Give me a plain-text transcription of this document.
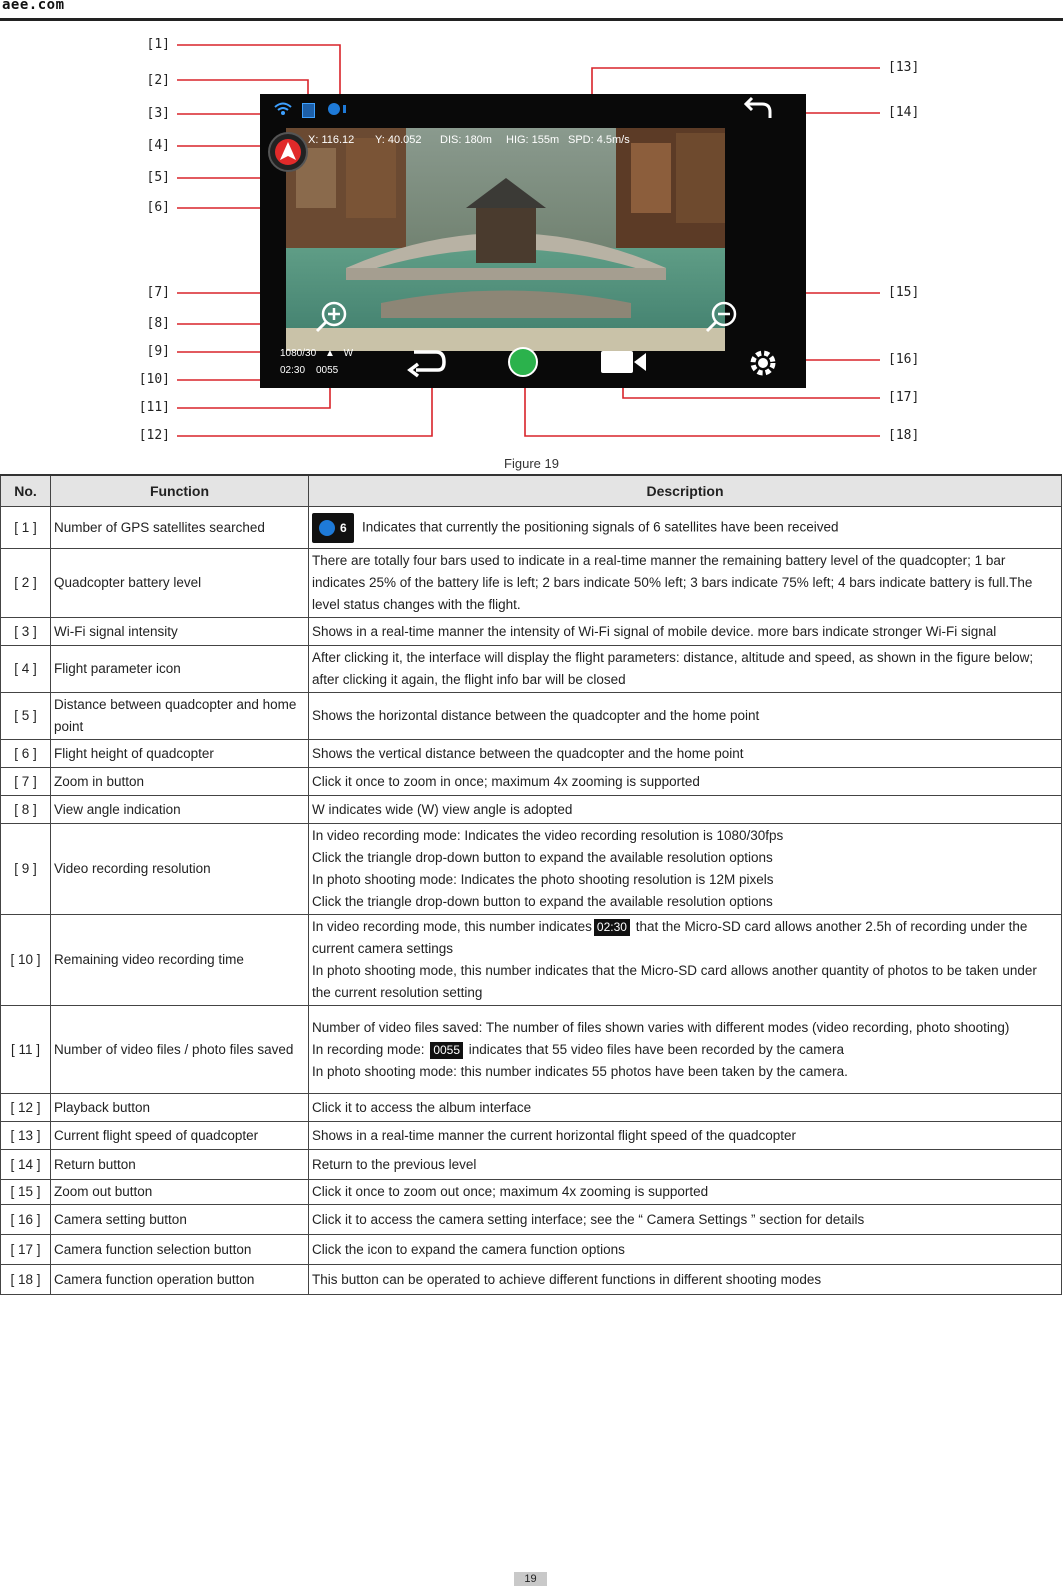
aee.com
[1]
[2]
[3]
[4]
[5]
[6]
[7]
[8]
[9]
[10]
[11]
[12]
[13]
[14]
[15]
[16]
[17]
[18]
X: 116.12 Y: 40.052 DIS: 180m HIG: 155m SPD: 4.5m/s
1080/30 ▲ W
02:30 0055
Figure 19
No.	Function	Description
[ 1 ]	Number of GPS satellites searched	6 Indicates that currently the positioning signals of 6 satellites have been received
[ 2 ]	Quadcopter battery level	There are totally four bars used to indicate in a real-time manner the remaining battery level of the quadcopter; 1 bar indicates 25% of the battery life is left; 2 bars indicate 50% left; 3 bars indicate 75% left; 4 bars indicate battery is full.The level status changes with the flight.
[ 3 ]	Wi-Fi signal intensity	Shows in a real-time manner the intensity of Wi-Fi signal of mobile device. more bars indicate stronger Wi-Fi signal
[ 4 ]	Flight parameter icon	After clicking it, the interface will display the flight parameters: distance, altitude and speed, as shown in the figure below; after clicking it again, the flight info bar will be closed
[ 5 ]	Distance between quadcopter and home point	Shows the horizontal distance between the quadcopter and the home point
[ 6 ]	Flight height of quadcopter	Shows the vertical distance between the quadcopter and the home point
[ 7 ]	Zoom in button	Click it once to zoom in once; maximum 4x zooming is supported
[ 8 ]	View angle indication	W indicates wide (W) view angle is adopted
[ 9 ]	Video recording resolution	In video recording mode: Indicates the video recording resolution is 1080/30fps

Click the triangle drop-down button to expand the available resolution options

In photo shooting mode: Indicates the photo shooting resolution is 12M pixels

Click the triangle drop-down button to expand the available resolution options

[ 10 ]	Remaining video recording time	In video recording mode, this number indicates 02:30 that the Micro-SD card allows another 2.5h of recording under the current camera settings

In photo shooting mode, this number indicates that the Micro-SD card allows another quantity of photos to be taken under the current resolution setting

[ 11 ]	Number of video files / photo files saved	Number of video files saved: The number of files shown varies with different modes (video recording, photo shooting)

In recording mode: 0055 indicates that 55 video files have been recorded by the camera

In photo shooting mode: this number indicates 55 photos have been taken by the camera.

[ 12 ]	Playback button	Click it to access the album interface
[ 13 ]	Current flight speed of quadcopter	Shows in a real-time manner the current horizontal flight speed of the quadcopter
[ 14 ]	Return button	Return to the previous level
[ 15 ]	Zoom out button	Click it once to zoom out once; maximum 4x zooming is supported
[ 16 ]	Camera setting button	Click it to access the camera setting interface; see the “ Camera Settings ” section for details
[ 17 ]	Camera function selection button	Click the icon to expand the camera function options
[ 18 ]	Camera function operation button	This button can be operated to achieve different functions in different shooting modes
19
